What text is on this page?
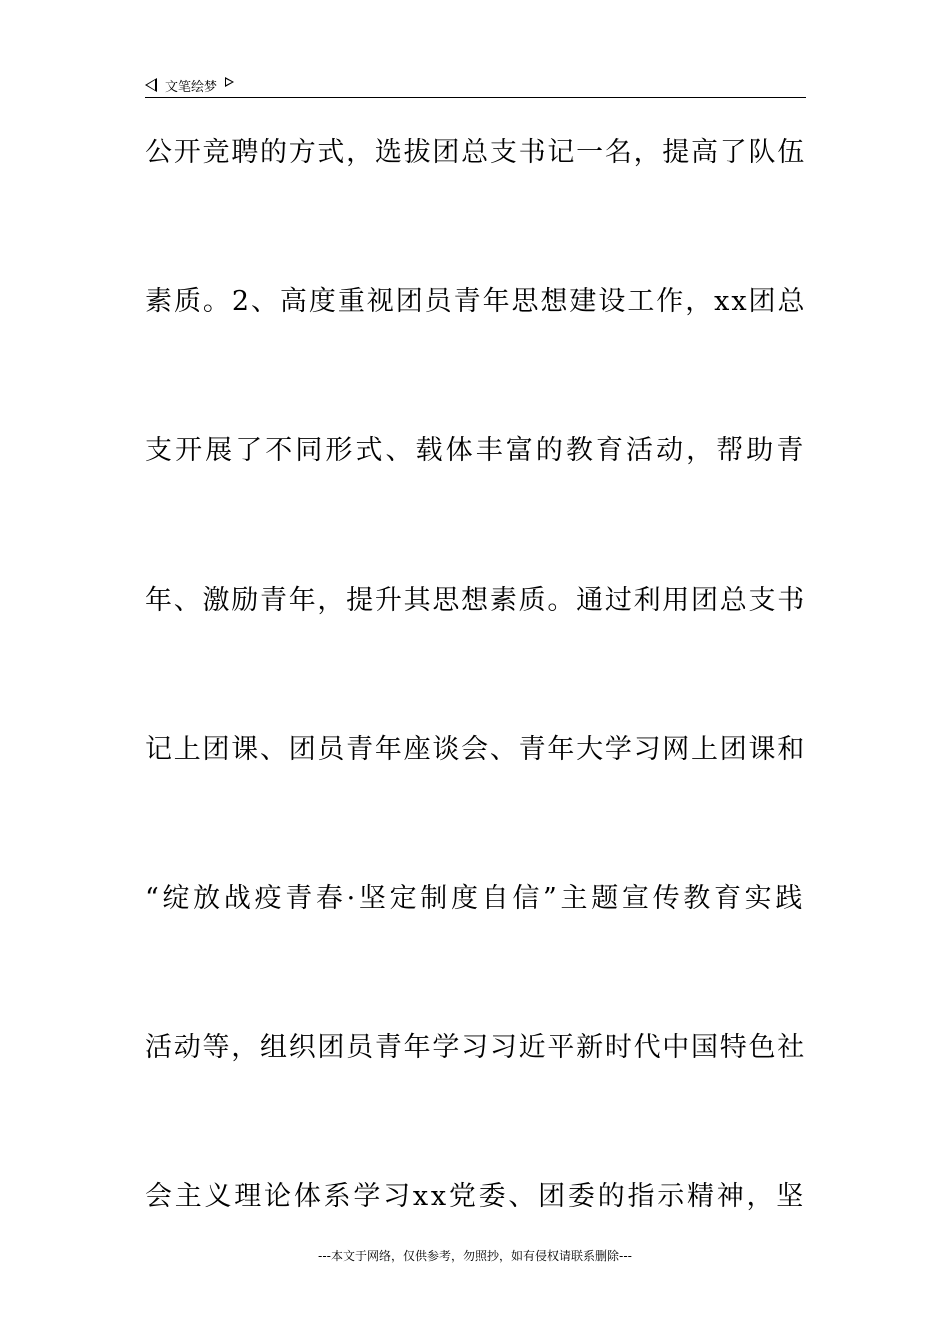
文笔绘梦
公开竞聘的方式，选拔团总支书记一名，提高了队伍
素质。2、高度重视团员青年思想建设工作，xx团总
支开展了不同形式、载体丰富的教育活动，帮助青
年、激励青年，提升其思想素质。通过利用团总支书
记上团课、团员青年座谈会、青年大学习网上团课和
“绽放战疫青春·坚定制度自信”主题宣传教育实践
活动等，组织团员青年学习习近平新时代中国特色社
会主义理论体系学习xx党委、团委的指示精神，坚
---本文于网络，仅供参考，勿照抄，如有侵权请联系删除---
